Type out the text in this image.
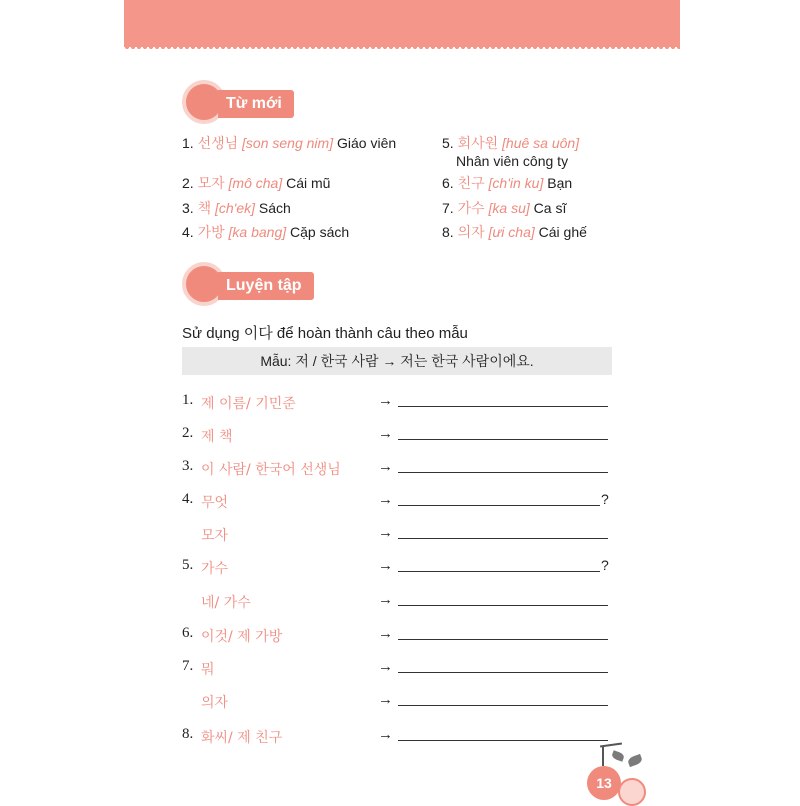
Từ mới
1. 선생님 [son seng nim] Giáo viên
2. 모자 [mô cha] Cái mũ
3. 책 [ch'ek] Sách
4. 가방 [ka bang] Cặp sách
5. 회사원 [huê sa uôn]
Nhân viên công ty
6. 친구 [ch'in ku] Bạn
7. 가수 [ka su] Ca sĩ
8. 의자 [ưi cha] Cái ghế
Luyện tập
Sử dụng 이다 để hoàn thành câu theo mẫu
Mẫu: 저 / 한국 사람 → 저는 한국 사람이에요.
1. 제 이름/ 기민준	→
2. 제 책	→
3. 이 사람/ 한국어 선생님 →
4. 무엇	→	?
모자	→
5. 가수	→	?
네/ 가수	→
6. 이것/ 제 가방	→
7. 뭐	→
의자	→
8. 화씨/ 제 친구	→
13
